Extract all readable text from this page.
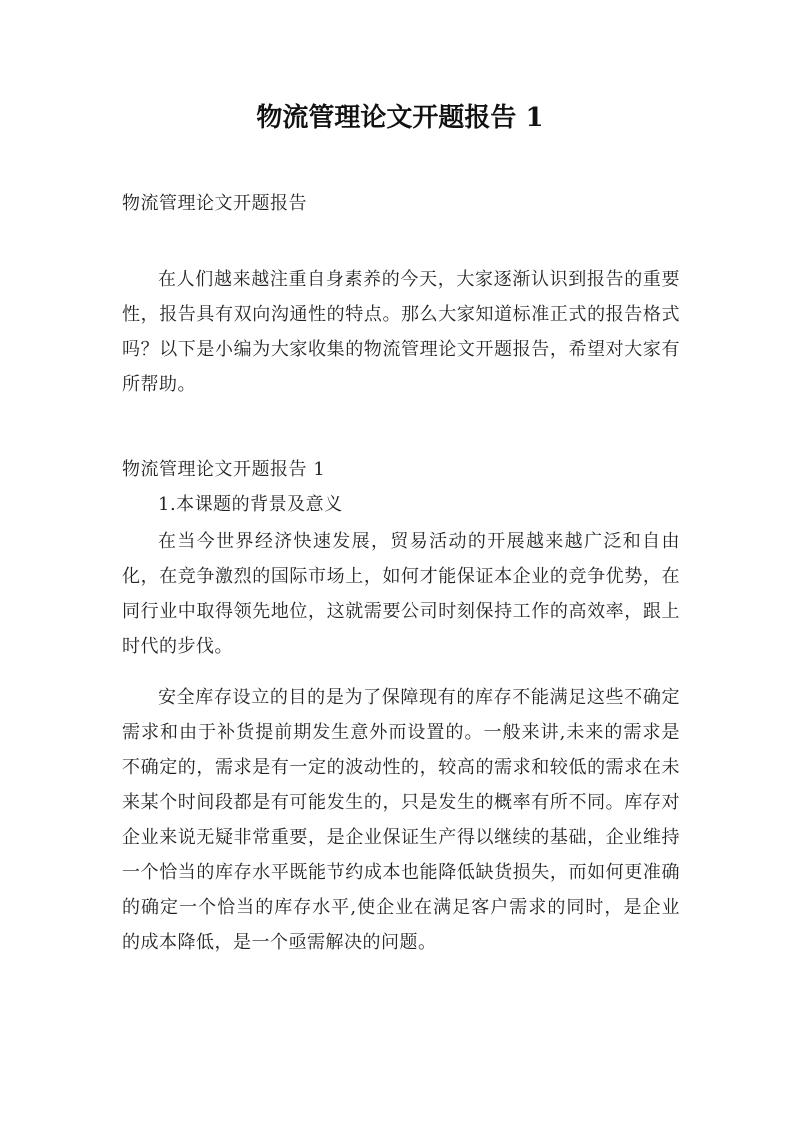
物流管理论文开题报告 1
物流管理论文开题报告
在人们越来越注重自身素养的今天，大家逐渐认识到报告的重要性，报告具有双向沟通性的特点。那么大家知道标准正式的报告格式吗？以下是小编为大家收集的物流管理论文开题报告，希望对大家有所帮助。
物流管理论文开题报告 1
1.本课题的背景及意义
在当今世界经济快速发展，贸易活动的开展越来越广泛和自由化，在竞争激烈的国际市场上，如何才能保证本企业的竞争优势，在同行业中取得领先地位，这就需要公司时刻保持工作的高效率，跟上时代的步伐。
安全库存设立的目的是为了保障现有的库存不能满足这些不确定需求和由于补货提前期发生意外而设置的。一般来讲,未来的需求是不确定的，需求是有一定的波动性的，较高的需求和较低的需求在未来某个时间段都是有可能发生的，只是发生的概率有所不同。库存对企业来说无疑非常重要，是企业保证生产得以继续的基础，企业维持一个恰当的库存水平既能节约成本也能降低缺货损失，而如何更准确的确定一个恰当的库存水平,使企业在满足客户需求的同时，是企业的成本降低，是一个亟需解决的问题。
